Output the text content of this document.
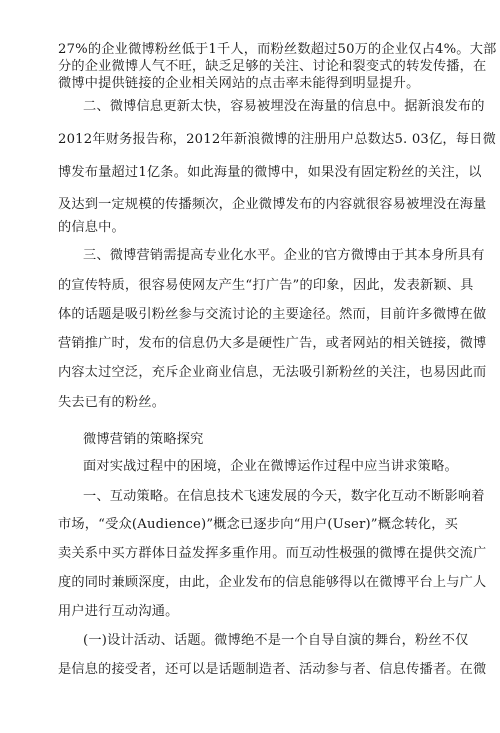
27%的企业微博粉丝低于1千人，而粉丝数超过50万的企业仅占4%。大部
分的企业微博人气不旺，缺乏足够的关注、讨论和裂变式的转发传播，在
微博中提供链接的企业相关网站的点击率未能得到明显提升。
二、微博信息更新太快，容易被埋没在海量的信息中。据新浪发布的
2012年财务报告称，2012年新浪微博的注册用户总数达5. 03亿，每日微
博发布量超过1亿条。如此海量的微博中，如果没有固定粉丝的关注，以
及达到一定规模的传播频次，企业微博发布的内容就很容易被埋没在海量
的信息中。
三、微博营销需提高专业化水平。企业的官方微博由于其本身所具有
的宣传特质，很容易使网友产生“打广告”的印象，因此，发表新颖、具
体的话题是吸引粉丝参与交流讨论的主要途径。然而，目前许多微博在做
营销推广时，发布的信息仍大多是硬性广告，或者网站的相关链接，微博
内容太过空泛，充斥企业商业信息，无法吸引新粉丝的关注，也易因此而
失去已有的粉丝。
微博营销的策略探究
面对实战过程中的困境，企业在微博运作过程中应当讲求策略。
一、互动策略。在信息技术飞速发展的今天，数字化互动不断影响着
市场，“受众(Audience)”概念已逐步向“用户(User)”概念转化，买
卖关系中买方群体日益发挥多重作用。而互动性极强的微博在提供交流广
度的同时兼顾深度，由此，企业发布的信息能够得以在微博平台上与广人
用户进行互动沟通。
(一)设计活动、话题。微博绝不是一个自导自演的舞台，粉丝不仅
是信息的接受者，还可以是话题制造者、活动参与者、信息传播者。在微
